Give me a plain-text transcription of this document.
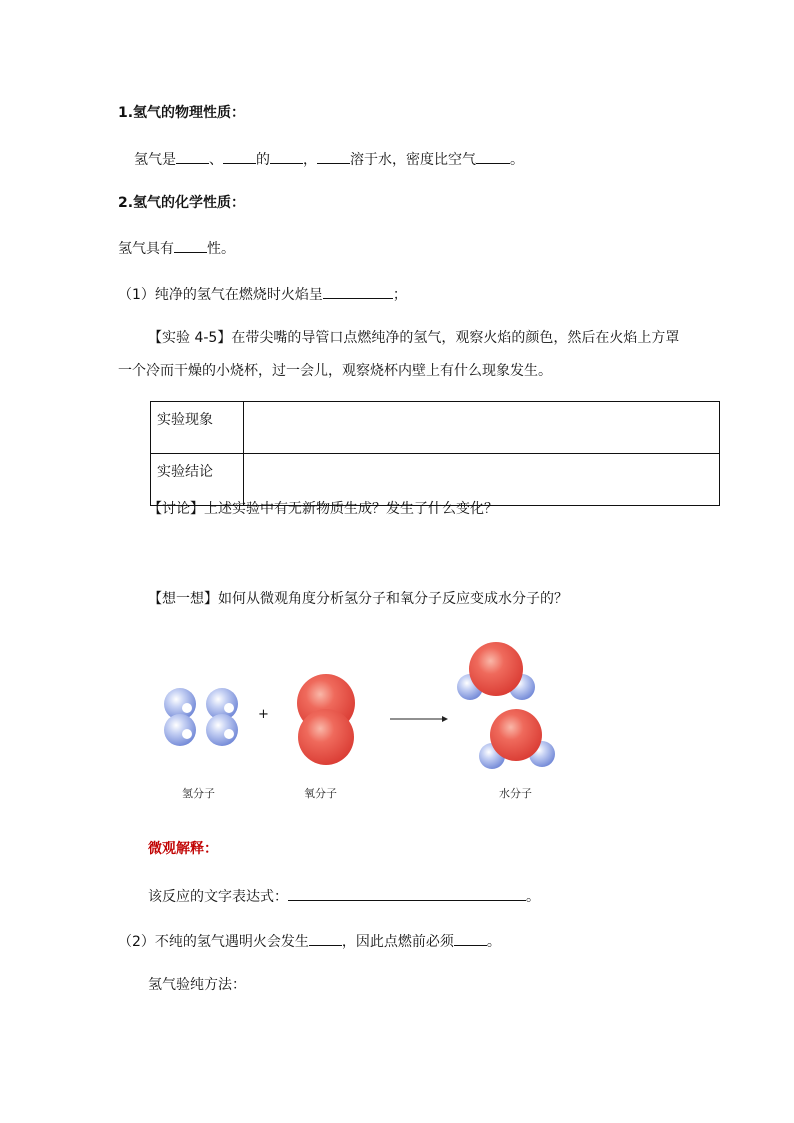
1.氢气的物理性质：
氢气是 、 的 ， 溶于水，密度比空气 。
2.氢气的化学性质：
氢气具有 性。
（1）纯净的氢气在燃烧时火焰呈	；
【实验 4-5】在带尖嘴的导管口点燃纯净的氢气，观察火焰的颜色，然后在火焰上方罩
一个冷而干燥的小烧杯，过一会儿，观察烧杯内壁上有什么现象发生。
实验现象	
实验结论	
【讨论】上述实验中有无新物质生成？发生了什么变化？
【想一想】如何从微观角度分析氢分子和氧分子反应变成水分子的？
+
氢分子	氧分子	水分子
微观解释：
该反应的文字表达式：	。
（2）不纯的氢气遇明火会发生 ，因此点燃前必须 。
氢气验纯方法：
